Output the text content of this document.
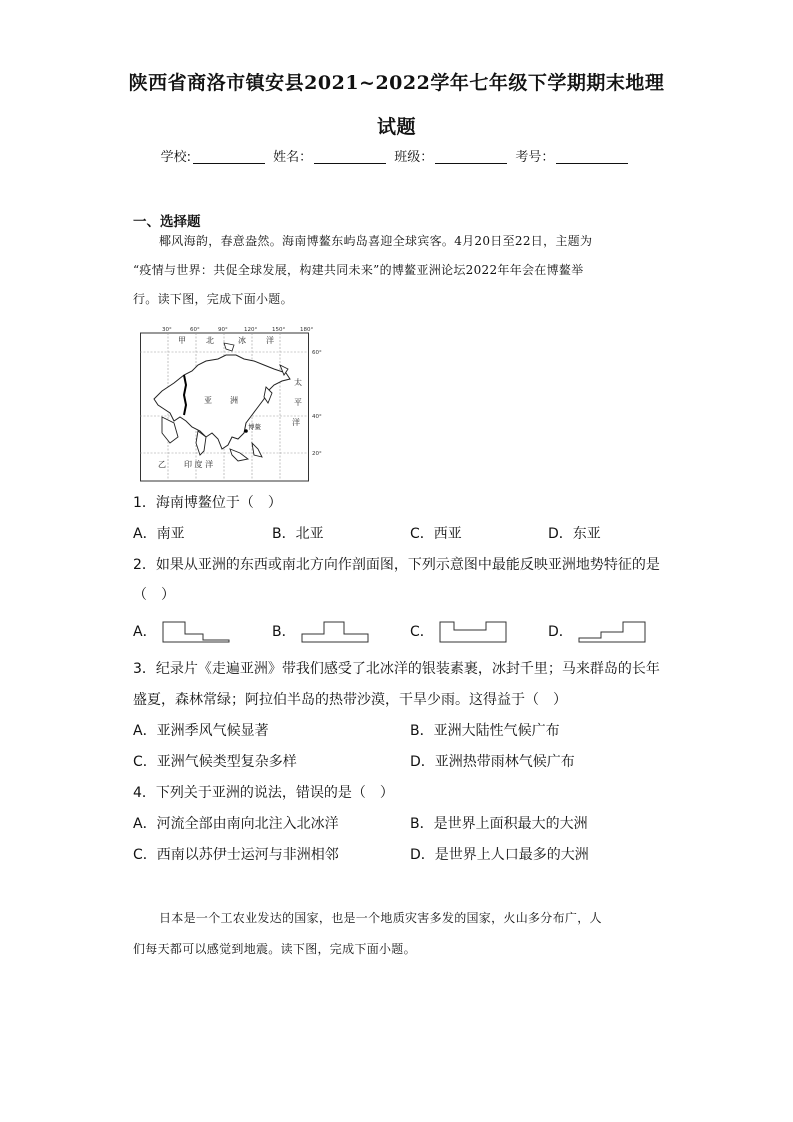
陕西省商洛市镇安县2021~2022学年七年级下学期期末地理
试题
学校:	姓名：	班级：	考号：
一、选择题
椰风海韵，春意盎然。海南博鳌东屿岛喜迎全球宾客。4月20日至22日，主题为
“疫情与世界：共促全球发展，构建共同未来”的博鳌亚洲论坛2022年年会在博鳌举
行。读下图，完成下面小题。
30°	60°	90°	120°	150°	180°
60°
40°
20°
甲	北	冰	洋
太
平
洋
亚 洲
印 度 洋
博鳌
乙
1．海南博鳌位于（　）
A．南亚	B．北亚	C．西亚	D．东亚
2．如果从亚洲的东西或南北方向作剖面图，下列示意图中最能反映亚洲地势特征的是
（　）
A．	B．	C．	D．
3．纪录片《走遍亚洲》带我们感受了北冰洋的银装素裹，冰封千里；马来群岛的长年
盛夏，森林常绿；阿拉伯半岛的热带沙漠，干旱少雨。这得益于（　）
A．亚洲季风气候显著	B．亚洲大陆性气候广布
C．亚洲气候类型复杂多样	D．亚洲热带雨林气候广布
4．下列关于亚洲的说法，错误的是（　）
A．河流全部由南向北注入北冰洋	B．是世界上面积最大的大洲
C．西南以苏伊士运河与非洲相邻	D．是世界上人口最多的大洲
日本是一个工农业发达的国家，也是一个地质灾害多发的国家，火山多分布广，人
们每天都可以感觉到地震。读下图，完成下面小题。
